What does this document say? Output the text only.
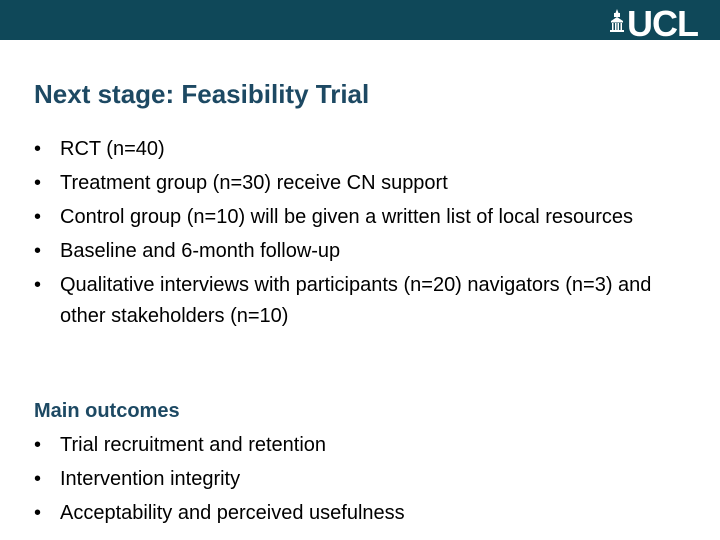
UCL
Next stage: Feasibility Trial
• RCT (n=40)
• Treatment group (n=30) receive CN support
• Control group (n=10) will be given a written list of local resources
• Baseline and 6-month follow-up
• Qualitative interviews with participants (n=20) navigators (n=3) and other stakeholders (n=10)
Main outcomes
• Trial recruitment and retention
• Intervention integrity
• Acceptability and perceived usefulness
